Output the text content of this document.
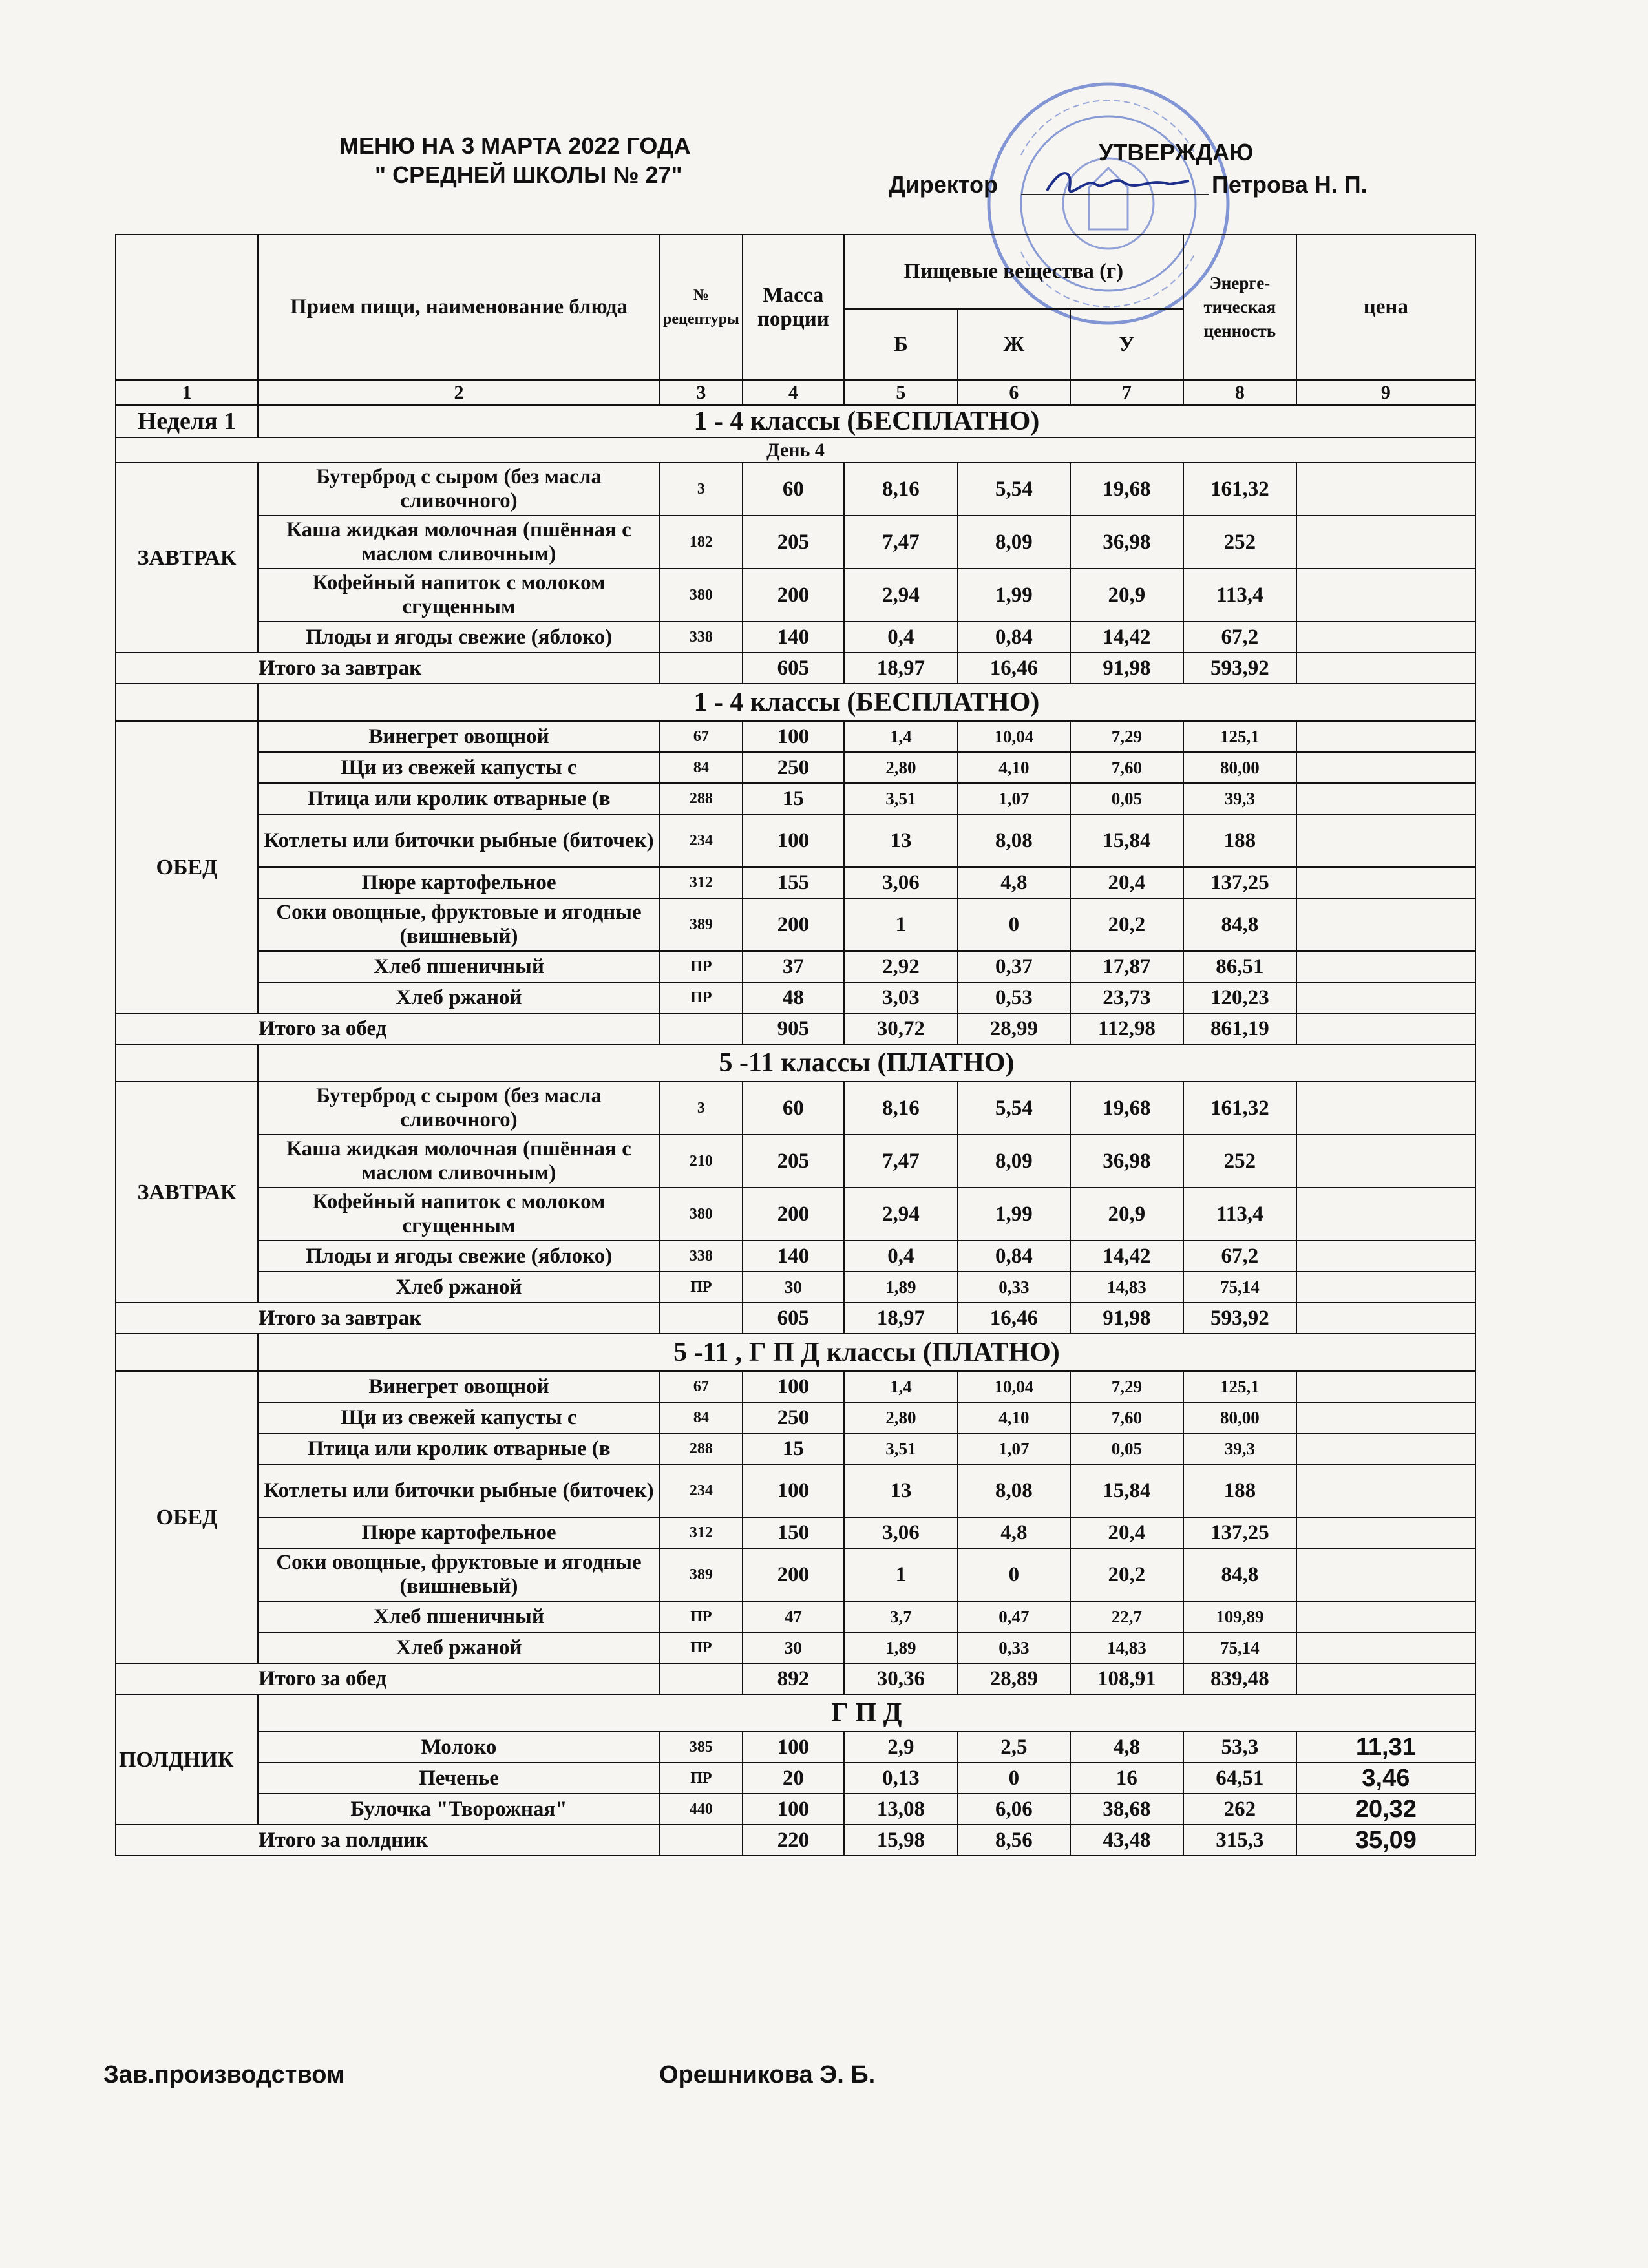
МЕНЮ НА 3 МАРТА 2022 ГОДА
" СРЕДНЕЙ ШКОЛЫ № 27"
УТВЕРЖДАЮ
Директор	Петрова Н. П.
	Прием пищи, наименование блюда	№ рецептуры	Масса порции	Пищевые вещества (г)			Энерге-тическая ценность	цена
				Б	Ж	У		
1	2	3	4	5	6	7	8	9
Неделя 1	1 - 4 классы (БЕСПЛАТНО)							
День 4								
ЗАВТРАК	Бутерброд с сыром (без масла сливочного)	3	60	8,16	5,54	19,68	161,32	
	Каша жидкая молочная (пшённая с маслом сливочным)	182	205	7,47	8,09	36,98	252	
	Кофейный напиток с молоком сгущенным	380	200	2,94	1,99	20,9	113,4	
	Плоды и ягоды свежие (яблоко)	338	140	0,4	0,84	14,42	67,2	
Итого за завтрак			605	18,97	16,46	91,98	593,92	
	1 - 4 классы (БЕСПЛАТНО)							
ОБЕД	Винегрет овощной	67	100	1,4	10,04	7,29	125,1	
	Щи из свежей капусты с	84	250	2,80	4,10	7,60	80,00	
	Птица или кролик отварные (в	288	15	3,51	1,07	0,05	39,3	
	Котлеты или биточки рыбные (биточек)	234	100	13	8,08	15,84	188	
	Пюре картофельное	312	155	3,06	4,8	20,4	137,25	
	Соки овощные, фруктовые и ягодные (вишневый)	389	200	1	0	20,2	84,8	
	Хлеб пшеничный	ПР	37	2,92	0,37	17,87	86,51	
	Хлеб ржаной	ПР	48	3,03	0,53	23,73	120,23	
Итого за обед			905	30,72	28,99	112,98	861,19	
	5 -11 классы (ПЛАТНО)							
ЗАВТРАК	Бутерброд с сыром (без масла сливочного)	3	60	8,16	5,54	19,68	161,32	
	Каша жидкая молочная (пшённая с маслом сливочным)	210	205	7,47	8,09	36,98	252	
	Кофейный напиток с молоком сгущенным	380	200	2,94	1,99	20,9	113,4	
	Плоды и ягоды свежие (яблоко)	338	140	0,4	0,84	14,42	67,2	
	Хлеб ржаной	ПР	30	1,89	0,33	14,83	75,14	
Итого за завтрак			605	18,97	16,46	91,98	593,92	
	5 -11 , Г П Д классы (ПЛАТНО)							
ОБЕД	Винегрет овощной	67	100	1,4	10,04	7,29	125,1	
	Щи из свежей капусты с	84	250	2,80	4,10	7,60	80,00	
	Птица или кролик отварные (в	288	15	3,51	1,07	0,05	39,3	
	Котлеты или биточки рыбные (биточек)	234	100	13	8,08	15,84	188	
	Пюре картофельное	312	150	3,06	4,8	20,4	137,25	
	Соки овощные, фруктовые и ягодные (вишневый)	389	200	1	0	20,2	84,8	
	Хлеб пшеничный	ПР	47	3,7	0,47	22,7	109,89	
	Хлеб ржаной	ПР	30	1,89	0,33	14,83	75,14	
Итого за обед			892	30,36	28,89	108,91	839,48	
ПОЛДНИК	Г П Д							
	Молоко	385	100	2,9	2,5	4,8	53,3	11,31
	Печенье	ПР	20	0,13	0	16	64,51	3,46
	Булочка "Творожная"	440	100	13,08	6,06	38,68	262	20,32
Итого за полдник			220	15,98	8,56	43,48	315,3	35,09
Зав.производством	Орешникова Э. Б.
